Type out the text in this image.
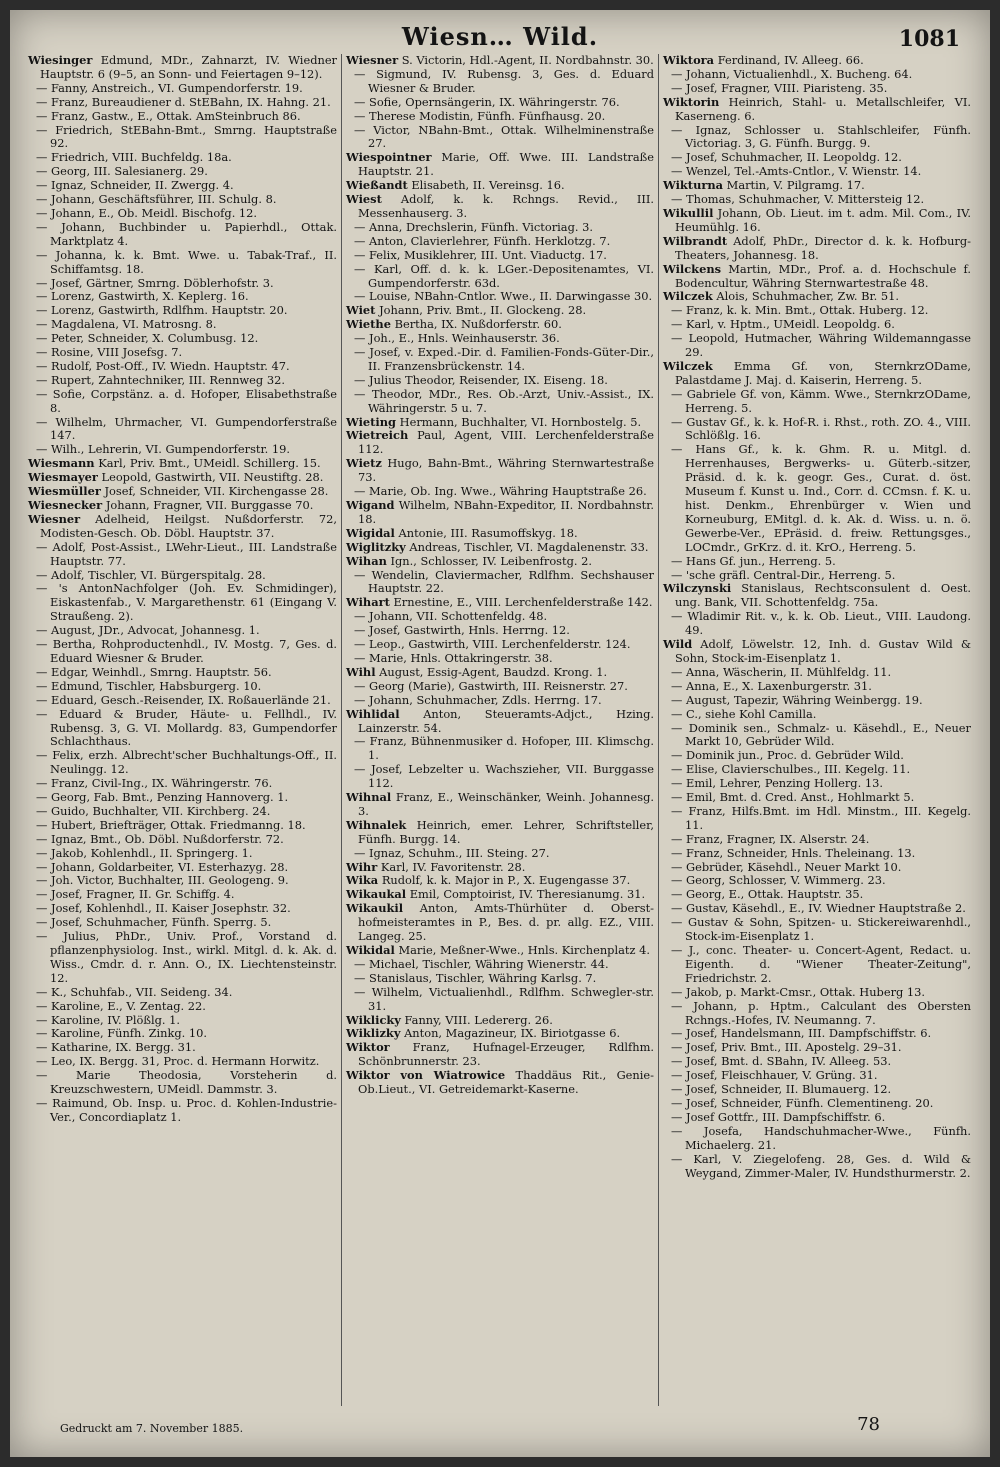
Wiesn… Wild.	1081

Wiesinger Edmund, MDr., Zahnarzt, IV. Wiedner Hauptstr. 6 (9–5, an Sonn- und Feiertagen 9–12).

— Fanny, Anstreich., VI. Gumpendorferstr. 19.

— Franz, Bureaudiener d. StEBahn, IX. Hahng. 21.

— Franz, Gastw., E., Ottak. AmSteinbruch 86.

— Friedrich, StEBahn-Bmt., Smrng. Hauptstraße 92.

— Friedrich, VIII. Buchfeldg. 18a.

— Georg, III. Salesianerg. 29.

— Ignaz, Schneider, II. Zwergg. 4.

— Johann, Geschäftsführer, III. Schulg. 8.

— Johann, E., Ob. Meidl. Bischofg. 12.

— Johann, Buchbinder u. Papierhdl., Ottak. Marktplatz 4.

— Johanna, k. k. Bmt. Wwe. u. Tabak-Traf., II. Schiffamtsg. 18.

— Josef, Gärtner, Smrng. Döblerhofstr. 3.

— Lorenz, Gastwirth, X. Keplerg. 16.

— Lorenz, Gastwirth, Rdlfhm. Hauptstr. 20.

— Magdalena, VI. Matrosng. 8.

— Peter, Schneider, X. Columbusg. 12.

— Rosine, VIII Josefsg. 7.

— Rudolf, Post-Off., IV. Wiedn. Hauptstr. 47.

— Rupert, Zahntechniker, III. Rennweg 32.

— Sofie, Corpstänz. a. d. Hofoper, Elisabethstraße 8.

— Wilhelm, Uhrmacher, VI. Gumpendorferstraße 147.

— Wilh., Lehrerin, VI. Gumpendorferstr. 19.

Wiesmann Karl, Priv. Bmt., UMeidl. Schillerg. 15.

Wiesmayer Leopold, Gastwirth, VII. Neustiftg. 28.

Wiesmüller Josef, Schneider, VII. Kirchengasse 28.

Wiesnecker Johann, Fragner, VII. Burggasse 70.

Wiesner Adelheid, Heilgst. Nußdorferstr. 72, Modisten-Gesch. Ob. Döbl. Hauptstr. 37.

— Adolf, Post-Assist., LWehr-Lieut., III. Landstraße Hauptstr. 77.

— Adolf, Tischler, VI. Bürgerspitalg. 28.

— 's AntonNachfolger (Joh. Ev. Schmidinger), Eiskastenfab., V. Margarethenstr. 61 (Eingang V. Straußeng. 2).

— August, JDr., Advocat, Johannesg. 1.

— Bertha, Rohproductenhdl., IV. Mostg. 7, Ges. d. Eduard Wiesner & Bruder.

— Edgar, Weinhdl., Smrng. Hauptstr. 56.

— Edmund, Tischler, Habsburgerg. 10.

— Eduard, Gesch.-Reisender, IX. Roßauerlände 21.

— Eduard & Bruder, Häute- u. Fellhdl., IV. Rubensg. 3, G. VI. Mollardg. 83, Gumpendorfer Schlachthaus.

— Felix, erzh. Albrecht'scher Buchhaltungs-Off., II. Neulingg. 12.

— Franz, Civil-Ing., IX. Währingerstr. 76.

— Georg, Fab. Bmt., Penzing Hannoverg. 1.

— Guido, Buchhalter, VII. Kirchberg. 24.

— Hubert, Briefträger, Ottak. Friedmanng. 18.

— Ignaz, Bmt., Ob. Döbl. Nußdorferstr. 72.

— Jakob, Kohlenhdl., II. Springerg. 1.

— Johann, Goldarbeiter, VI. Esterhazyg. 28.

— Joh. Victor, Buchhalter, III. Geologeng. 9.

— Josef, Fragner, II. Gr. Schiffg. 4.

— Josef, Kohlenhdl., II. Kaiser Josephstr. 32.

— Josef, Schuhmacher, Fünfh. Sperrg. 5.

— Julius, PhDr., Univ. Prof., Vorstand d. pflanzenphysiolog. Inst., wirkl. Mitgl. d. k. Ak. d. Wiss., Cmdr. d. r. Ann. O., IX. Liechtensteinstr. 12.

— K., Schuhfab., VII. Seideng. 34.

— Karoline, E., V. Zentag. 22.

— Karoline, IV. Plößlg. 1.

— Karoline, Fünfh. Zinkg. 10.

— Katharine, IX. Bergg. 31.

— Leo, IX. Bergg. 31, Proc. d. Hermann Horwitz.

— Marie Theodosia, Vorsteherin d. Kreuzschwestern, UMeidl. Dammstr. 3.

— Raimund, Ob. Insp. u. Proc. d. Kohlen-Industrie-Ver., Concordiaplatz 1.

Wiesner S. Victorin, Hdl.-Agent, II. Nordbahnstr. 30.

— Sigmund, IV. Rubensg. 3, Ges. d. Eduard Wiesner & Bruder.

— Sofie, Opernsängerin, IX. Währingerstr. 76.

— Therese Modistin, Fünfh. Fünfhausg. 20.

— Victor, NBahn-Bmt., Ottak. Wilhelminenstraße 27.

Wiespointner Marie, Off. Wwe. III. Landstraße Hauptstr. 21.

Wießandt Elisabeth, II. Vereinsg. 16.

Wiest Adolf, k. k. Rchngs. Revid., III. Messenhauserg. 3.

— Anna, Drechslerin, Fünfh. Victoriag. 3.

— Anton, Clavierlehrer, Fünfh. Herklotzg. 7.

— Felix, Musiklehrer, III. Unt. Viaductg. 17.

— Karl, Off. d. k. k. LGer.-Depositenamtes, VI. Gumpendorferstr. 63d.

— Louise, NBahn-Cntlor. Wwe., II. Darwingasse 30.

Wiet Johann, Priv. Bmt., II. Glockeng. 28.

Wiethe Bertha, IX. Nußdorferstr. 60.

— Joh., E., Hnls. Weinhauserstr. 36.

— Josef, v. Exped.-Dir. d. Familien-Fonds-Güter-Dir., II. Franzensbrückenstr. 14.

— Julius Theodor, Reisender, IX. Eiseng. 18.

— Theodor, MDr., Res. Ob.-Arzt, Univ.-Assist., IX. Währingerstr. 5 u. 7.

Wieting Hermann, Buchhalter, VI. Hornbostelg. 5.

Wietreich Paul, Agent, VIII. Lerchenfelderstraße 112.

Wietz Hugo, Bahn-Bmt., Währing Sternwartestraße 73.

— Marie, Ob. Ing. Wwe., Währing Hauptstraße 26.

Wigand Wilhelm, NBahn-Expeditor, II. Nordbahnstr. 18.

Wigidal Antonie, III. Rasumoffskyg. 18.

Wiglitzky Andreas, Tischler, VI. Magdalenenstr. 33.

Wihan Ign., Schlosser, IV. Leibenfrostg. 2.

— Wendelin, Claviermacher, Rdlfhm. Sechshauser Hauptstr. 22.

Wihart Ernestine, E., VIII. Lerchenfelderstraße 142.

— Johann, VII. Schottenfeldg. 48.

— Josef, Gastwirth, Hnls. Herrng. 12.

— Leop., Gastwirth, VIII. Lerchenfelderstr. 124.

— Marie, Hnls. Ottakringerstr. 38.

Wihl August, Essig-Agent, Baudzd. Krong. 1.

— Georg (Marie), Gastwirth, III. Reisnerstr. 27.

— Johann, Schuhmacher, Zdls. Herrng. 17.

Wihlidal Anton, Steueramts-Adjct., Hzing. Lainzerstr. 54.

— Franz, Bühnenmusiker d. Hofoper, III. Klimschg. 1.

— Josef, Lebzelter u. Wachszieher, VII. Burggasse 112.

Wihnal Franz, E., Weinschänker, Weinh. Johannesg. 3.

Wihnalek Heinrich, emer. Lehrer, Schriftsteller, Fünfh. Burgg. 14.

— Ignaz, Schuhm., III. Steing. 27.

Wihr Karl, IV. Favoritenstr. 28.

Wika Rudolf, k. k. Major in P., X. Eugengasse 37.

Wikaukal Emil, Comptoirist, IV. Theresianumg. 31.

Wikaukil Anton, Amts-Thürhüter d. Oberst-hofmeisteramtes in P., Bes. d. pr. allg. EZ., VIII. Langeg. 25.

Wikidal Marie, Meßner-Wwe., Hnls. Kirchenplatz 4.

— Michael, Tischler, Währing Wienerstr. 44.

— Stanislaus, Tischler, Währing Karlsg. 7.

— Wilhelm, Victualienhdl., Rdlfhm. Schwegler-str. 31.

Wiklicky Fanny, VIII. Ledererg. 26.

Wiklizky Anton, Magazineur, IX. Biriotgasse 6.

Wiktor Franz, Hufnagel-Erzeuger, Rdlfhm. Schönbrunnerstr. 23.

Wiktor von Wiatrowice Thaddäus Rit., Genie-Ob.Lieut., VI. Getreidemarkt-Kaserne.

Wiktora Ferdinand, IV. Alleeg. 66.

— Johann, Victualienhdl., X. Bucheng. 64.

— Josef, Fragner, VIII. Piaristeng. 35.

Wiktorin Heinrich, Stahl- u. Metallschleifer, VI. Kaserneng. 6.

— Ignaz, Schlosser u. Stahlschleifer, Fünfh. Victoriag. 3, G. Fünfh. Burgg. 9.

— Josef, Schuhmacher, II. Leopoldg. 12.

— Wenzel, Tel.-Amts-Cntlor., V. Wienstr. 14.

Wikturna Martin, V. Pilgramg. 17.

— Thomas, Schuhmacher, V. Mittersteig 12.

Wikullil Johann, Ob. Lieut. im t. adm. Mil. Com., IV. Heumühlg. 16.

Wilbrandt Adolf, PhDr., Director d. k. k. Hofburg-Theaters, Johannesg. 18.

Wilckens Martin, MDr., Prof. a. d. Hochschule f. Bodencultur, Währing Sternwartestraße 48.

Wilczek Alois, Schuhmacher, Zw. Br. 51.

— Franz, k. k. Min. Bmt., Ottak. Huberg. 12.

— Karl, v. Hptm., UMeidl. Leopoldg. 6.

— Leopold, Hutmacher, Währing Wildemanngasse 29.

Wilczek Emma Gf. von, SternkrzODame, Palastdame J. Maj. d. Kaiserin, Herreng. 5.

— Gabriele Gf. von, Kämm. Wwe., SternkrzODame, Herreng. 5.

— Gustav Gf., k. k. Hof-R. i. Rhst., roth. ZO. 4., VIII. Schlößlg. 16.

— Hans Gf., k. k. Ghm. R. u. Mitgl. d. Herrenhauses, Bergwerks- u. Güterb.-sitzer, Präsid. d. k. k. geogr. Ges., Curat. d. öst. Museum f. Kunst u. Ind., Corr. d. CCmsn. f. K. u. hist. Denkm., Ehrenbürger v. Wien und Korneuburg, EMitgl. d. k. Ak. d. Wiss. u. n. ö. Gewerbe-Ver., EPräsid. d. freiw. Rettungsges., LOCmdr., GrKrz. d. it. KrO., Herreng. 5.

— Hans Gf. jun., Herreng. 5.

— 'sche gräfl. Central-Dir., Herreng. 5.

Wilczynski Stanislaus, Rechtsconsulent d. Oest. ung. Bank, VII. Schottenfeldg. 75a.

— Wladimir Rit. v., k. k. Ob. Lieut., VIII. Laudong. 49.

Wild Adolf, Löwelstr. 12, Inh. d. Gustav Wild & Sohn, Stock-im-Eisenplatz 1.

— Anna, Wäscherin, II. Mühlfeldg. 11.

— Anna, E., X. Laxenburgerstr. 31.

— August, Tapezir, Währing Weinbergg. 19.

— C., siehe Kohl Camilla.

— Dominik sen., Schmalz- u. Käsehdl., E., Neuer Markt 10, Gebrüder Wild.

— Dominik jun., Proc. d. Gebrüder Wild.

— Elise, Clavierschulbes., III. Kegelg. 11.

— Emil, Lehrer, Penzing Hollerg. 13.

— Emil, Bmt. d. Cred. Anst., Hohlmarkt 5.

— Franz, Hilfs.Bmt. im Hdl. Minstm., III. Kegelg. 11.

— Franz, Fragner, IX. Alserstr. 24.

— Franz, Schneider, Hnls. Theleinang. 13.

— Gebrüder, Käsehdl., Neuer Markt 10.

— Georg, Schlosser, V. Wimmerg. 23.

— Georg, E., Ottak. Hauptstr. 35.

— Gustav, Käsehdl., E., IV. Wiedner Hauptstraße 2.

— Gustav & Sohn, Spitzen- u. Stickereiwarenhdl., Stock-im-Eisenplatz 1.

— J., conc. Theater- u. Concert-Agent, Redact. u. Eigenth. d. "Wiener Theater-Zeitung", Friedrichstr. 2.

— Jakob, p. Markt-Cmsr., Ottak. Huberg 13.

— Johann, p. Hptm., Calculant des Obersten Rchngs.-Hofes, IV. Neumanng. 7.

— Josef, Handelsmann, III. Dampfschiffstr. 6.

— Josef, Priv. Bmt., III. Apostelg. 29–31.

— Josef, Bmt. d. SBahn, IV. Alleeg. 53.

— Josef, Fleischhauer, V. Grüng. 31.

— Josef, Schneider, II. Blumauerg. 12.

— Josef, Schneider, Fünfh. Clementineng. 20.

— Josef Gottfr., III. Dampfschiffstr. 6.

— Josefa, Handschuhmacher-Wwe., Fünfh. Michaelerg. 21.

— Karl, V. Ziegelofeng. 28, Ges. d. Wild & Weygand, Zimmer-Maler, IV. Hundsthurmerstr. 2.

Gedruckt am 7. November 1885.	78
